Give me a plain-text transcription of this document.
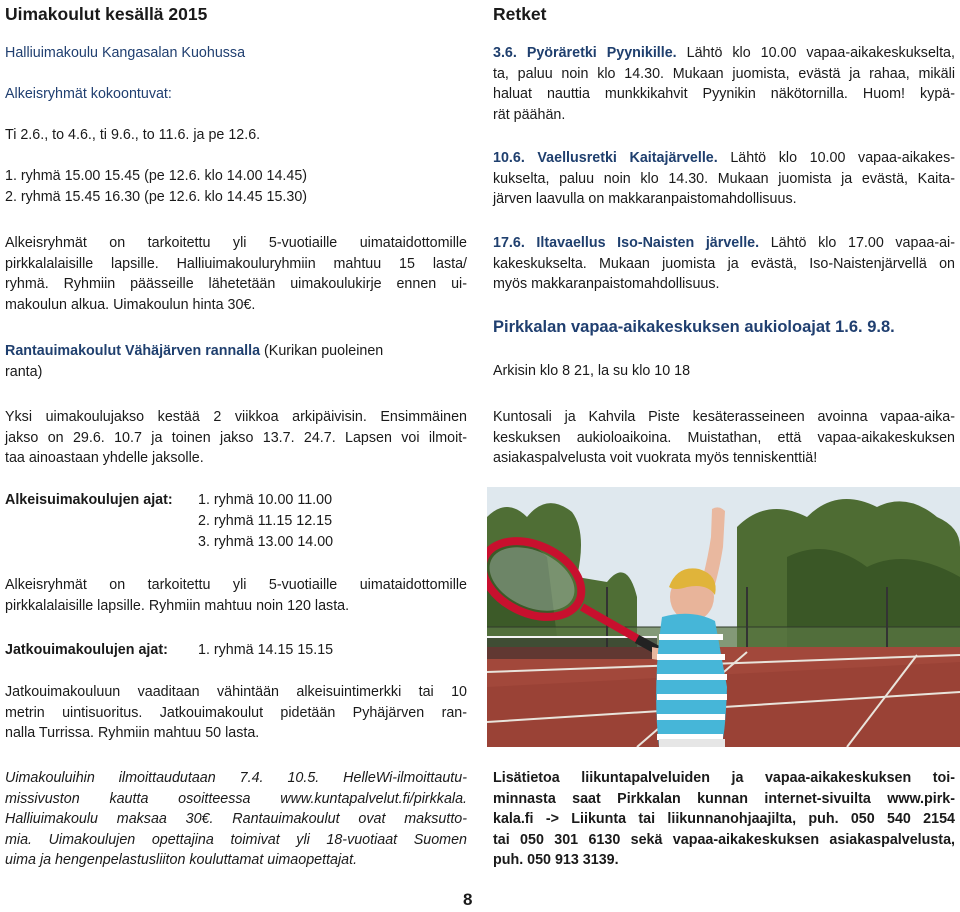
Uimakoulut kesällä 2015
Halliuimakoulu Kangasalan Kuohussa
Alkeisryhmät kokoontuvat:
Ti 2.6., to 4.6., ti 9.6., to 11.6. ja pe 12.6.
1. ryhmä 15.00 15.45 (pe 12.6. klo 14.00 14.45)
2. ryhmä 15.45 16.30 (pe 12.6. klo 14.45 15.30)
Alkeisryhmät on tarkoitettu yli 5-vuotiaille uimataidottomille
pirkkalalaisille lapsille. Halliuimakouluryhmiin mahtuu 15 lasta/
ryhmä. Ryhmiin päässeille lähetetään uimakoulukirje ennen ui-
makoulun alkua. Uimakoulun hinta 30€.
Rantauimakoulut Vähäjärven rannalla (Kurikan puoleinen
ranta)
Yksi uimakoulujakso kestää 2 viikkoa arkipäivisin. Ensimmäinen
jakso on 29.6. 10.7 ja toinen jakso 13.7. 24.7. Lapsen voi ilmoit-
taa ainoastaan yhdelle jaksolle.
Alkeisuimakoulujen ajat: 1. ryhmä 10.00 11.00
2. ryhmä 11.15 12.15
3. ryhmä 13.00 14.00
Alkeisryhmät on tarkoitettu yli 5-vuotiaille uimataidottomille
pirkkalalaisille lapsille. Ryhmiin mahtuu noin 120 lasta.
Jatkouimakoulujen ajat: 1. ryhmä 14.15 15.15
Jatkouimakouluun vaaditaan vähintään alkeisuintimerkki tai 10
metrin uintisuoritus. Jatkouimakoulut pidetään Pyhäjärven ran-
nalla Turrissa. Ryhmiin mahtuu 50 lasta.
Uimakouluihin ilmoittaudutaan 7.4. 10.5. HelleWi-ilmoittautu-
missivuston kautta osoitteessa www.kuntapalvelut.fi/pirkkala.
Halliuimakoulu maksaa 30€. Rantauimakoulut ovat maksutto-
mia. Uimakoulujen opettajina toimivat yli 18-vuotiaat Suomen
uima ja hengenpelastusliiton kouluttamat uimaopettajat.
Retket
3.6. Pyöräretki Pyynikille. Lähtö klo 10.00 vapaa-aikakeskukselta,
ta, paluu noin klo 14.30. Mukaan juomista, evästä ja rahaa, mikäli
haluat nauttia munkkikahvit Pyynikin näkötornilla. Huom! kypä-
rät päähän.
10.6. Vaellusretki Kaitajärvelle. Lähtö klo 10.00 vapaa-aikakes-
kukselta, paluu noin klo 14.30. Mukaan juomista ja evästä, Kaita-
järven laavulla on makkaranpaistomahdollisuus.
17.6. Iltavaellus Iso-Naisten järvelle. Lähtö klo 17.00 vapaa-ai-
kakeskukselta. Mukaan juomista ja evästä, Iso-Naistenjärvellä on
myös makkaranpaistomahdollisuus.
Pirkkalan vapaa-aikakeskuksen aukioloajat 1.6. 9.8.
Arkisin klo 8 21, la su klo 10 18
Kuntosali ja Kahvila Piste kesäterasseineen avoinna vapaa-aika-
keskuksen aukioloaikoina. Muistathan, että vapaa-aikakeskuksen
asiakaspalvelusta voit vuokrata myös tenniskenttiä!
Lisätietoa liikuntapalveluiden ja vapaa-aikakeskuksen toi-
minnasta saat Pirkkalan kunnan internet-sivuilta www.pirk-
kala.fi -> Liikunta tai liikunnanohjaajilta, puh. 050 540 2154
tai 050 301 6130 sekä vapaa-aikakeskuksen asiakaspalvelusta,
puh. 050 913 3139.
8
